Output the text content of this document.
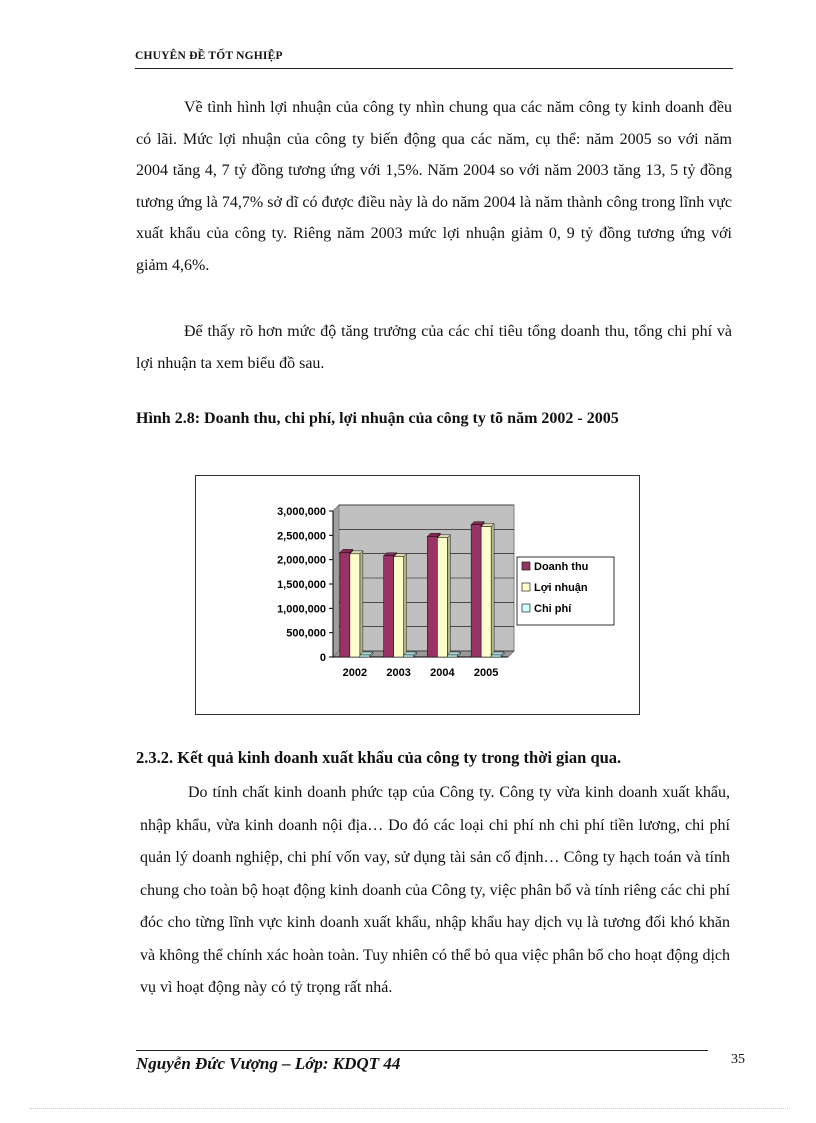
CHUYÊN ĐỀ TỐT NGHIỆP

Về tình hình lợi nhuận của công ty nhìn chung qua các năm công ty kinh doanh đều có lãi. Mức lợi nhuận của công ty biến động qua các năm, cụ thể: năm 2005 so với năm 2004 tăng 4, 7 tỷ đồng tương ứng với 1,5%. Năm 2004 so với năm 2003 tăng 13, 5 tỷ đồng tương ứng là 74,7% sở dĩ có được điều này là do năm 2004 là năm thành công trong lĩnh vực xuất khẩu của công ty. Riêng năm 2003 mức lợi nhuận giảm 0, 9 tỷ đồng tương ứng với giảm 4,6%.

Để thấy rõ hơn mức độ tăng trưởng của các chỉ tiêu tổng doanh thu, tổng chi phí và lợi nhuận ta xem biểu đồ sau.

Hình 2.8: Doanh thu, chi phí, lợi nhuận của công ty tõ năm 2002 - 2005
0
500,000
1,000,000
1,500,000
2,000,000
2,500,000
3,000,000
2002 2003 2004 2005
Doanh thu
Lợi nhuận
Chi phí
2.3.2. Kết quả kinh doanh xuất khẩu của công ty trong thời gian qua.

Do tính chất kinh doanh phức tạp của Công ty. Công ty vừa kinh doanh xuất khẩu, nhập khẩu, vừa kinh doanh nội địa… Do đó các loại chi phí nh chi phí tiền lương, chi phí quản lý doanh nghiệp, chi phí vốn vay, sử dụng tài sản cố định… Công ty hạch toán và tính chung cho toàn bộ hoạt động kinh doanh của Công ty, việc phân bổ và tính riêng các chi phí đóc cho từng lĩnh vực kinh doanh xuất khẩu, nhập khẩu hay dịch vụ là tương đối khó khăn và không thể chính xác hoàn toàn. Tuy nhiên có thể bỏ qua việc phân bổ cho hoạt động dịch vụ vì hoạt động này có tỷ trọng rất nhá.

Nguyễn Đức Vượng – Lớp: KDQT 44	35
